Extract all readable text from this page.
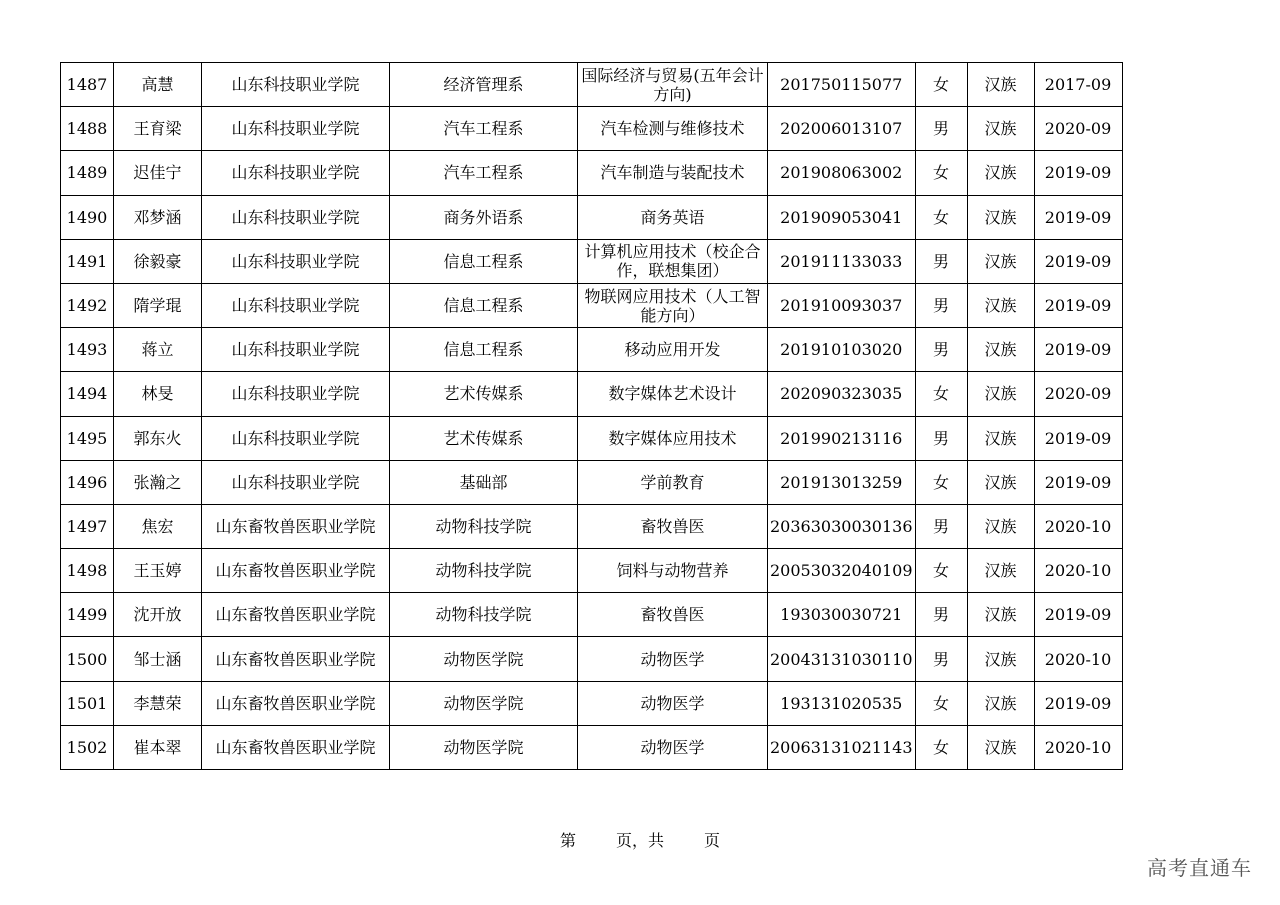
1487	高慧	山东科技职业学院	经济管理系	国际经济与贸易(五年会计方向)	201750115077	女	汉族	2017-09
1488	王育梁	山东科技职业学院	汽车工程系	汽车检测与维修技术	202006013107	男	汉族	2020-09
1489	迟佳宁	山东科技职业学院	汽车工程系	汽车制造与装配技术	201908063002	女	汉族	2019-09
1490	邓梦涵	山东科技职业学院	商务外语系	商务英语	201909053041	女	汉族	2019-09
1491	徐毅豪	山东科技职业学院	信息工程系	计算机应用技术（校企合作，联想集团）	201911133033	男	汉族	2019-09
1492	隋学琨	山东科技职业学院	信息工程系	物联网应用技术（人工智能方向）	201910093037	男	汉族	2019-09
1493	蒋立	山东科技职业学院	信息工程系	移动应用开发	201910103020	男	汉族	2019-09
1494	林旻	山东科技职业学院	艺术传媒系	数字媒体艺术设计	202090323035	女	汉族	2020-09
1495	郭东火	山东科技职业学院	艺术传媒系	数字媒体应用技术	201990213116	男	汉族	2019-09
1496	张瀚之	山东科技职业学院	基础部	学前教育	201913013259	女	汉族	2019-09
1497	焦宏	山东畜牧兽医职业学院	动物科技学院	畜牧兽医	20363030030136	男	汉族	2020-10
1498	王玉婷	山东畜牧兽医职业学院	动物科技学院	饲料与动物营养	20053032040109	女	汉族	2020-10
1499	沈开放	山东畜牧兽医职业学院	动物科技学院	畜牧兽医	193030030721	男	汉族	2019-09
1500	邹士涵	山东畜牧兽医职业学院	动物医学院	动物医学	20043131030110	男	汉族	2020-10
1501	李慧荣	山东畜牧兽医职业学院	动物医学院	动物医学	193131020535	女	汉族	2019-09
1502	崔本翠	山东畜牧兽医职业学院	动物医学院	动物医学	20063131021143	女	汉族	2020-10
第	页，共	页
高考直通车
